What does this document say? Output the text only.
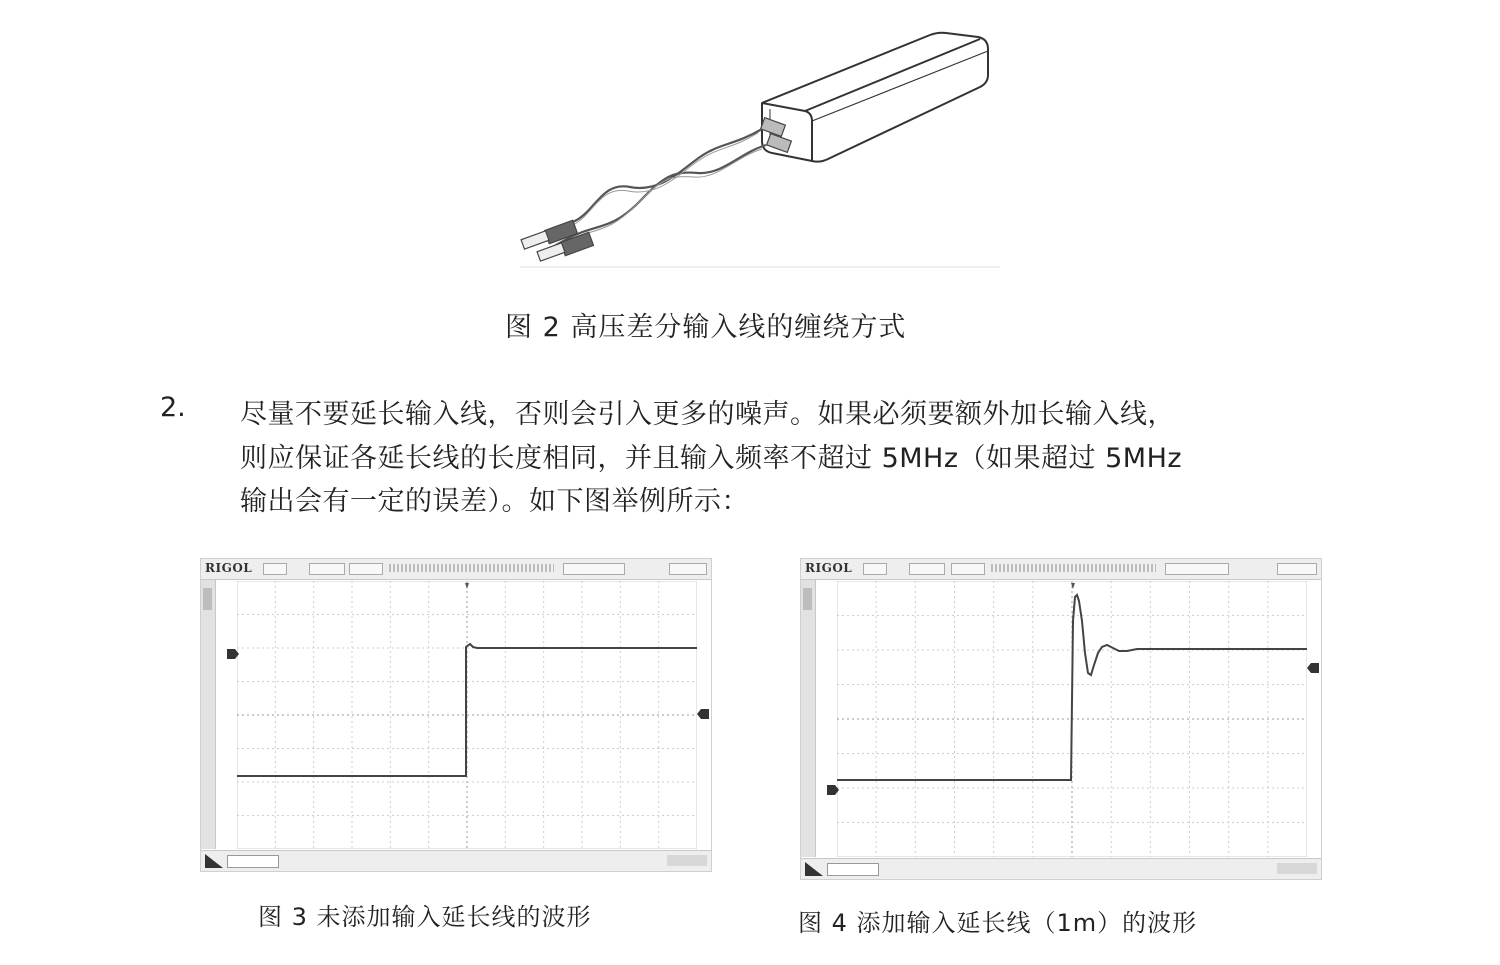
图 2 高压差分输入线的缠绕方式
2. 尽量不要延长输入线，否则会引入更多的噪声。如果必须要额外加长输入线，
则应保证各延长线的长度相同，并且输入频率不超过 5MHz（如果超过 5MHz
输出会有一定的误差）。如下图举例所示：
RIGOL
图 3 未添加输入延长线的波形
RIGOL
图 4 添加输入延长线（1m）的波形
